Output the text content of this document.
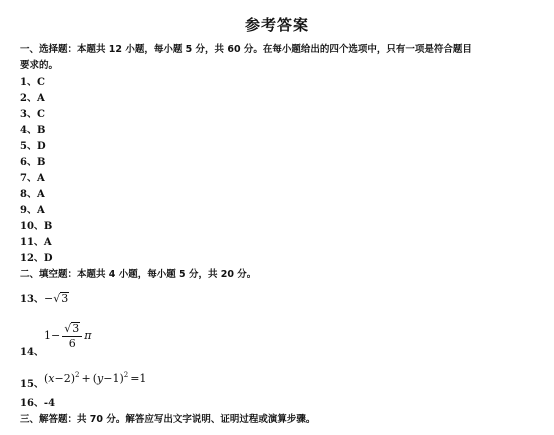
参考答案
一、选择题：本题共 12 小题，每小题 5 分，共 60 分。在每小题给出的四个选项中，只有一项是符合题目
要求的。
1、C
2、A
3、C
4、B
5、D
6、B
7、A
8、A
9、A
10、B
11、A
12、D
二、填空题：本题共 4 小题，每小题 5 分，共 20 分。
13、 −√3
14、
$1- \frac{√3}{6}$ π
15、 $(x-2)^2 + (y-1)^2 =1$
16、-4
三、解答题：共 70 分。解答应写出文字说明、证明过程或演算步骤。
